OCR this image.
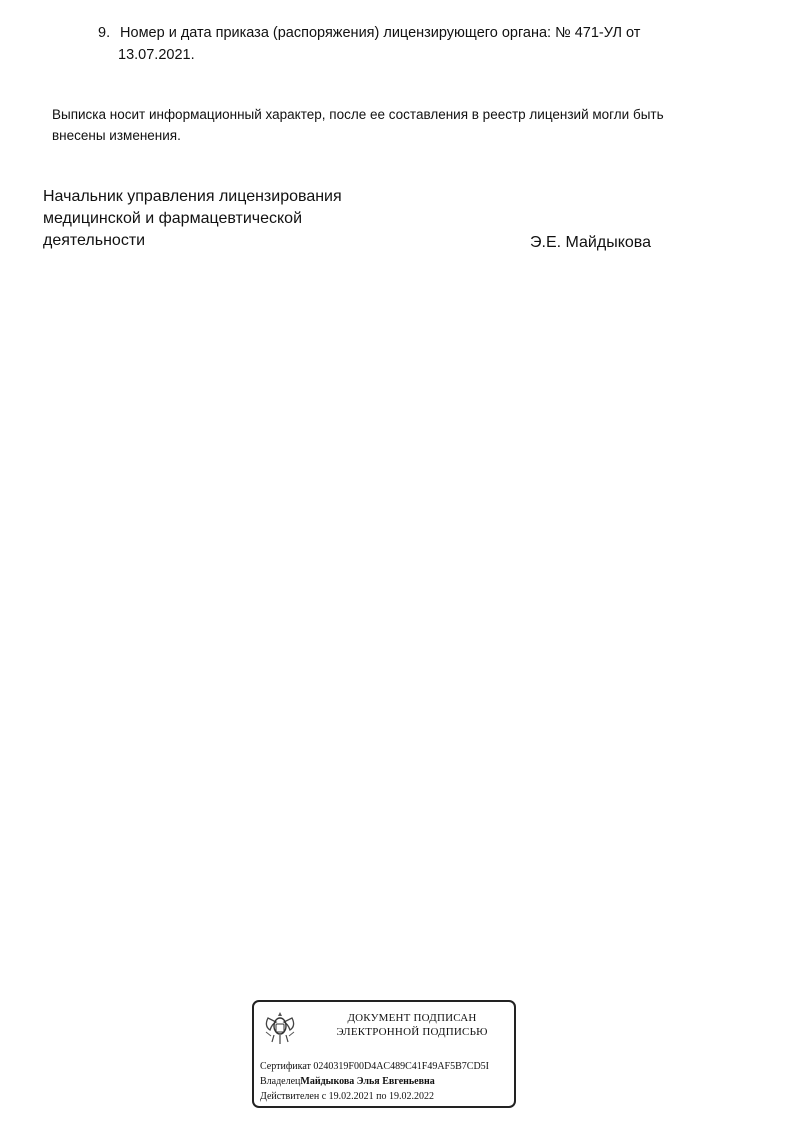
9. Номер и дата приказа (распоряжения) лицензирующего органа: № 471-УЛ от
13.07.2021.
Выписка носит информационный характер, после ее составления в реестр лицензий могли быть
внесены изменения.
Начальник управления лицензирования
медицинской и фармацевтической
деятельности	Э.Е. Майдыкова
ДОКУМЕНТ ПОДПИСАН
ЭЛЕКТРОННОЙ ПОДПИСЬЮ
Сертификат 0240319F00D4AC489C41F49AF5B7CD5I
ВладелецМайдыкова Элья Евгеньевна
Действителен с 19.02.2021 по 19.02.2022
